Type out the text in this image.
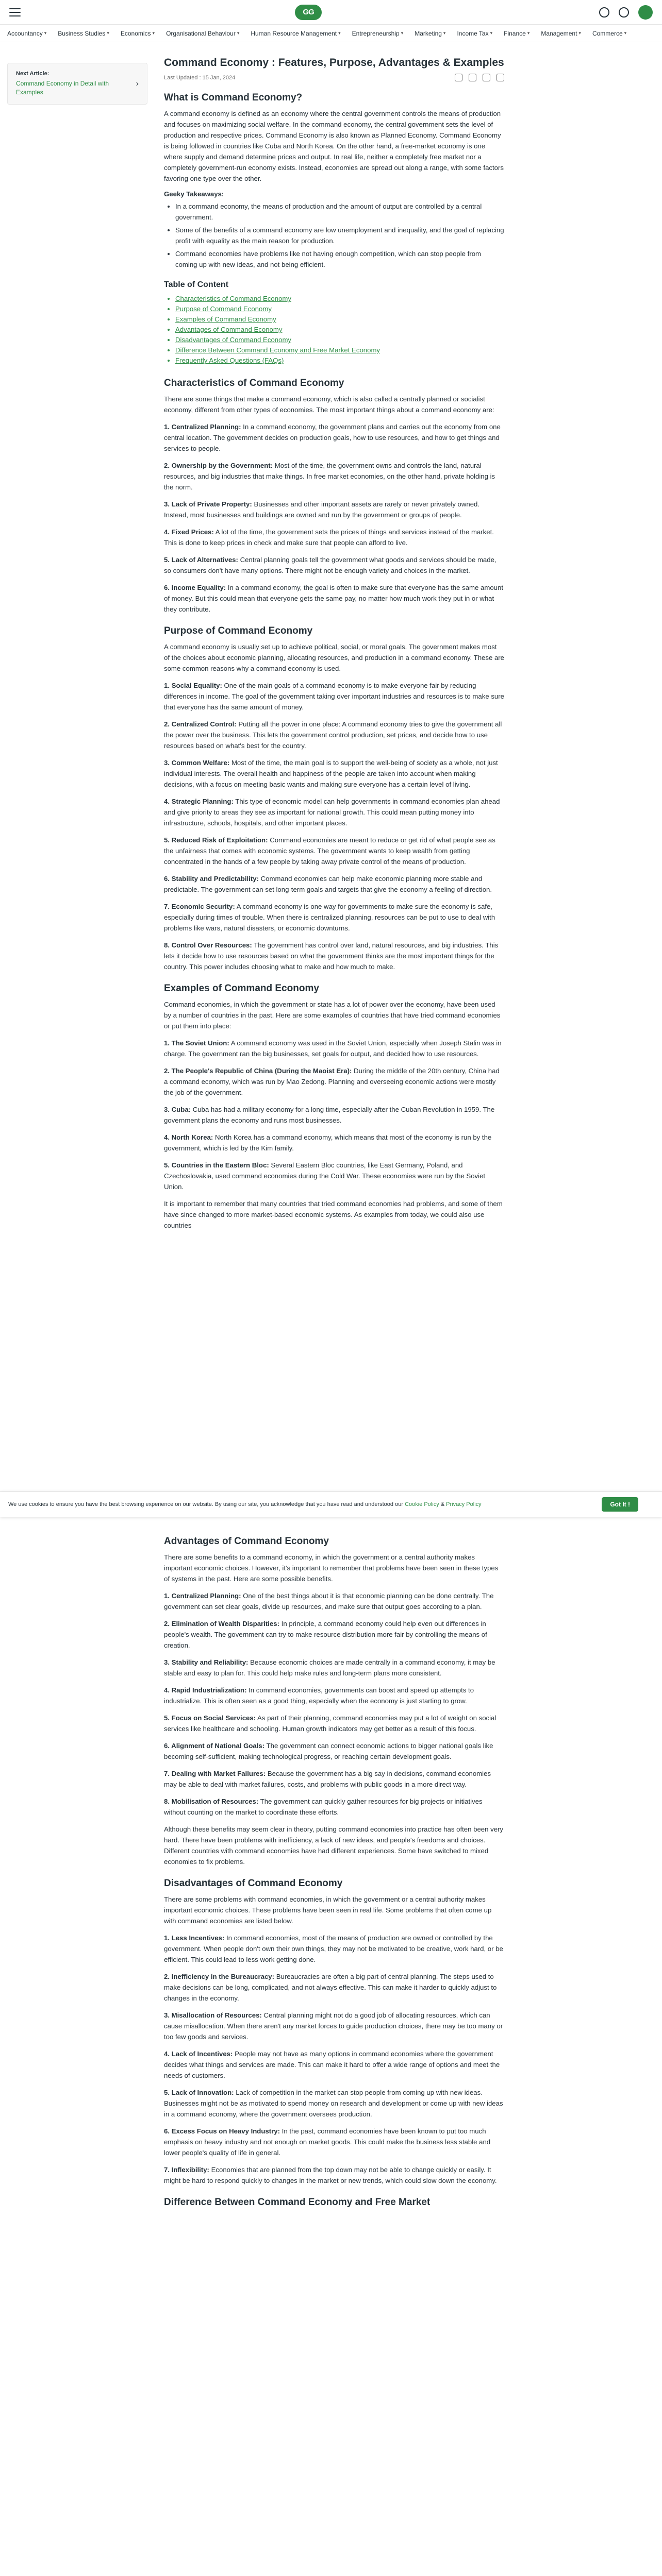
GG
Accountancy ▾ Business Studies ▾ Economics ▾ Organisational Behaviour ▾ Human Resource Management ▾ Entrepreneurship ▾ Marketing ▾ Income Tax ▾ Finance ▾ Management ▾ Commerce ▾
Next Article:
Command Economy in Detail with Examples
›
Command Economy : Features, Purpose, Advantages & Examples
Last Updated : 15 Jan, 2024
What is Command Economy?

A command economy is defined as an economy where the central government controls the means of production and focuses on maximizing social welfare. In the command economy, the central government sets the level of production and respective prices. Command Economy is also known as Planned Economy. Command Economy is being followed in countries like Cuba and North Korea. On the other hand, a free-market economy is one where supply and demand determine prices and output. In real life, neither a completely free market nor a completely government-run economy exists. Instead, economies are spread out along a range, with some factors favoring one type over the other.

Geeky Takeaways:
• In a command economy, the means of production and the amount of output are controlled by a central government.
• Some of the benefits of a command economy are low unemployment and inequality, and the goal of replacing profit with equality as the main reason for production.
• Command economies have problems like not having enough competition, which can stop people from coming up with new ideas, and not being efficient.
Table of Content
• Characteristics of Command Economy
• Purpose of Command Economy
• Examples of Command Economy
• Advantages of Command Economy
• Disadvantages of Command Economy
• Difference Between Command Economy and Free Market Economy
• Frequently Asked Questions (FAQs)
Characteristics of Command Economy

There are some things that make a command economy, which is also called a centrally planned or socialist economy, different from other types of economies. The most important things about a command economy are:

1. Centralized Planning: In a command economy, the government plans and carries out the economy from one central location. The government decides on production goals, how to use resources, and how to get things and services to people.

2. Ownership by the Government: Most of the time, the government owns and controls the land, natural resources, and big industries that make things. In free market economies, on the other hand, private holding is the norm.

3. Lack of Private Property: Businesses and other important assets are rarely or never privately owned. Instead, most businesses and buildings are owned and run by the government or groups of people.

4. Fixed Prices: A lot of the time, the government sets the prices of things and services instead of the market. This is done to keep prices in check and make sure that people can afford to live.

5. Lack of Alternatives: Central planning goals tell the government what goods and services should be made, so consumers don't have many options. There might not be enough variety and choices in the market.

6. Income Equality: In a command economy, the goal is often to make sure that everyone has the same amount of money. But this could mean that everyone gets the same pay, no matter how much work they put in or what they contribute.

Purpose of Command Economy

A command economy is usually set up to achieve political, social, or moral goals. The government makes most of the choices about economic planning, allocating resources, and production in a command economy. These are some common reasons why a command economy is used.

1. Social Equality: One of the main goals of a command economy is to make everyone fair by reducing differences in income. The goal of the government taking over important industries and resources is to make sure that everyone has the same amount of money.

2. Centralized Control: Putting all the power in one place: A command economy tries to give the government all the power over the business. This lets the government control production, set prices, and decide how to use resources based on what's best for the country.

3. Common Welfare: Most of the time, the main goal is to support the well-being of society as a whole, not just individual interests. The overall health and happiness of the people are taken into account when making decisions, with a focus on meeting basic wants and making sure everyone has a certain level of living.

4. Strategic Planning: This type of economic model can help governments in command economies plan ahead and give priority to areas they see as important for national growth. This could mean putting money into infrastructure, schools, hospitals, and other important places.

5. Reduced Risk of Exploitation: Command economies are meant to reduce or get rid of what people see as the unfairness that comes with economic systems. The government wants to keep wealth from getting concentrated in the hands of a few people by taking away private control of the means of production.

6. Stability and Predictability: Command economies can help make economic planning more stable and predictable. The government can set long-term goals and targets that give the economy a feeling of direction.

7. Economic Security: A command economy is one way for governments to make sure the economy is safe, especially during times of trouble. When there is centralized planning, resources can be put to use to deal with problems like wars, natural disasters, or economic downturns.

8. Control Over Resources: The government has control over land, natural resources, and big industries. This lets it decide how to use resources based on what the government thinks are the most important things for the country. This power includes choosing what to make and how much to make.

Examples of Command Economy

Command economies, in which the government or state has a lot of power over the economy, have been used by a number of countries in the past. Here are some examples of countries that have tried command economies or put them into place:

1. The Soviet Union: A command economy was used in the Soviet Union, especially when Joseph Stalin was in charge. The government ran the big businesses, set goals for output, and decided how to use resources.

2. The People's Republic of China (During the Maoist Era): During the middle of the 20th century, China had a command economy, which was run by Mao Zedong. Planning and overseeing economic actions were mostly the job of the government.

3. Cuba: Cuba has had a military economy for a long time, especially after the Cuban Revolution in 1959. The government plans the economy and runs most businesses.

4. North Korea: North Korea has a command economy, which means that most of the economy is run by the government, which is led by the Kim family.

5. Countries in the Eastern Bloc: Several Eastern Bloc countries, like East Germany, Poland, and Czechoslovakia, used command economies during the Cold War. These economies were run by the Soviet Union.

It is important to remember that many countries that tried command economies had problems, and some of them have since changed to more market-based economic systems. As examples from today, we could also use countries

We use cookies to ensure you have the best browsing experience on our website. By using our site, you acknowledge that you have read and understood our Cookie Policy & Privacy Policy	Got It !
Advantages of Command Economy

There are some benefits to a command economy, in which the government or a central authority makes important economic choices. However, it's important to remember that problems have been seen in these types of systems in the past. Here are some possible benefits.

1. Centralized Planning: One of the best things about it is that economic planning can be done centrally. The government can set clear goals, divide up resources, and make sure that output goes according to a plan.

2. Elimination of Wealth Disparities: In principle, a command economy could help even out differences in people's wealth. The government can try to make resource distribution more fair by controlling the means of creation.

3. Stability and Reliability: Because economic choices are made centrally in a command economy, it may be stable and easy to plan for. This could help make rules and long-term plans more consistent.

4. Rapid Industrialization: In command economies, governments can boost and speed up attempts to industrialize. This is often seen as a good thing, especially when the economy is just starting to grow.

5. Focus on Social Services: As part of their planning, command economies may put a lot of weight on social services like healthcare and schooling. Human growth indicators may get better as a result of this focus.

6. Alignment of National Goals: The government can connect economic actions to bigger national goals like becoming self-sufficient, making technological progress, or reaching certain development goals.

7. Dealing with Market Failures: Because the government has a big say in decisions, command economies may be able to deal with market failures, costs, and problems with public goods in a more direct way.

8. Mobilisation of Resources: The government can quickly gather resources for big projects or initiatives without counting on the market to coordinate these efforts.

Although these benefits may seem clear in theory, putting command economies into practice has often been very hard. There have been problems with inefficiency, a lack of new ideas, and people's freedoms and choices. Different countries with command economies have had different experiences. Some have switched to mixed economies to fix problems.

Disadvantages of Command Economy

There are some problems with command economies, in which the government or a central authority makes important economic choices. These problems have been seen in real life. Some problems that often come up with command economies are listed below.

1. Less Incentives: In command economies, most of the means of production are owned or controlled by the government. When people don't own their own things, they may not be motivated to be creative, work hard, or be efficient. This could lead to less work getting done.

2. Inefficiency in the Bureaucracy: Bureaucracies are often a big part of central planning. The steps used to make decisions can be long, complicated, and not always effective. This can make it harder to quickly adjust to changes in the economy.

3. Misallocation of Resources: Central planning might not do a good job of allocating resources, which can cause misallocation. When there aren't any market forces to guide production choices, there may be too many or too few goods and services.

4. Lack of Incentives: People may not have as many options in command economies where the government decides what things and services are made. This can make it hard to offer a wide range of options and meet the needs of customers.

5. Lack of Innovation: Lack of competition in the market can stop people from coming up with new ideas. Businesses might not be as motivated to spend money on research and development or come up with new ideas in a command economy, where the government oversees production.

6. Excess Focus on Heavy Industry: In the past, command economies have been known to put too much emphasis on heavy industry and not enough on market goods. This could make the business less stable and lower people's quality of life in general.

7. Inflexibility: Economies that are planned from the top down may not be able to change quickly or easily. It might be hard to respond quickly to changes in the market or new trends, which could slow down the economy.

Difference Between Command Economy and Free Market
